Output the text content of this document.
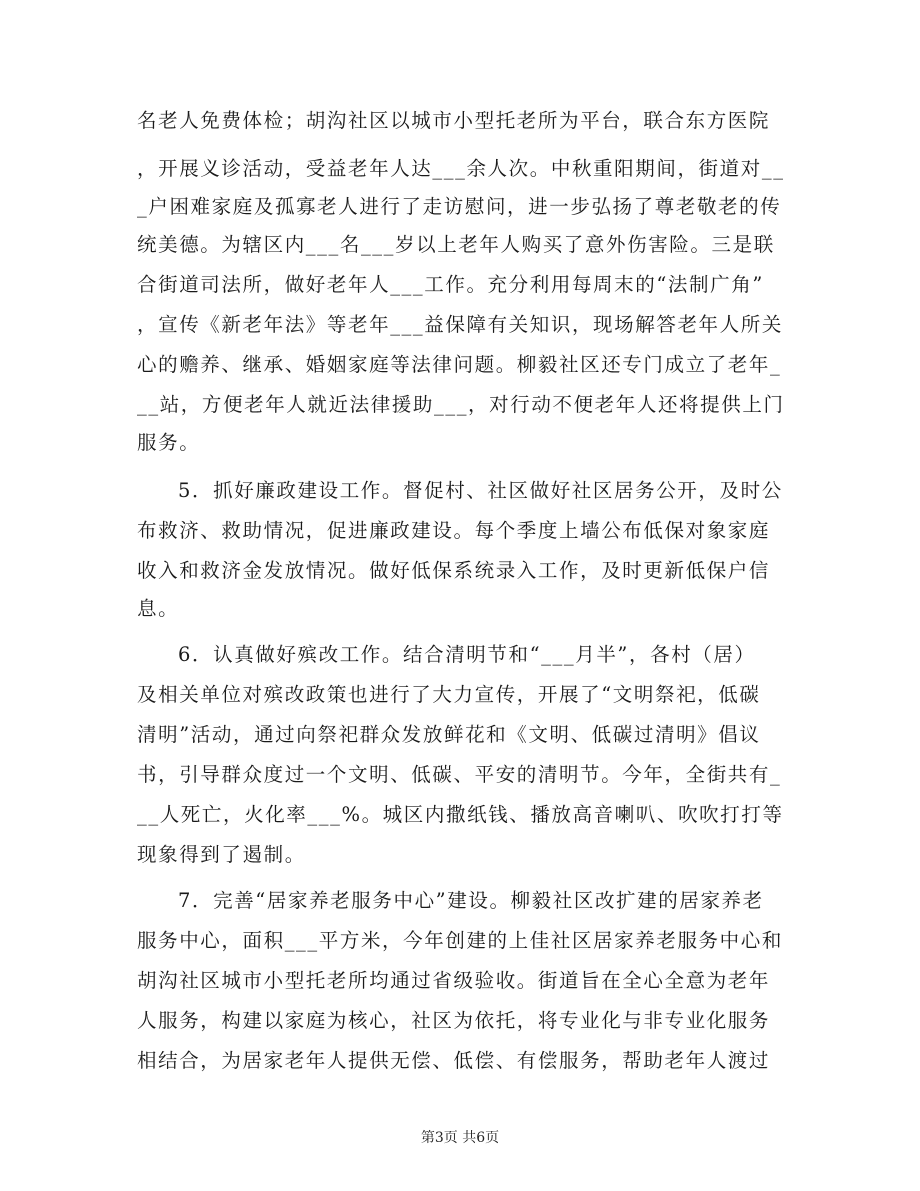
名老人免费体检；胡沟社区以城市小型托老所为平台，联合东方医院
，开展义诊活动，受益老年人达___余人次。中秋重阳期间，街道对__
_户困难家庭及孤寡老人进行了走访慰问，进一步弘扬了尊老敬老的传
统美德。为辖区内___名___岁以上老年人购买了意外伤害险。三是联
合街道司法所，做好老年人___工作。充分利用每周末的“法制广角”
，宣传《新老年法》等老年___益保障有关知识，现场解答老年人所关
心的赡养、继承、婚姻家庭等法律问题。柳毅社区还专门成立了老年_
__站，方便老年人就近法律援助___，对行动不便老年人还将提供上门
服务。
5．抓好廉政建设工作。督促村、社区做好社区居务公开，及时公
布救济、救助情况，促进廉政建设。每个季度上墙公布低保对象家庭
收入和救济金发放情况。做好低保系统录入工作，及时更新低保户信
息。
6．认真做好殡改工作。结合清明节和“___月半”，各村（居）
及相关单位对殡改政策也进行了大力宣传，开展了“文明祭祀，低碳
清明”活动，通过向祭祀群众发放鲜花和《文明、低碳过清明》倡议
书，引导群众度过一个文明、低碳、平安的清明节。今年，全街共有_
__人死亡，火化率___%。城区内撒纸钱、播放高音喇叭、吹吹打打等
现象得到了遏制。
7．完善“居家养老服务中心”建设。柳毅社区改扩建的居家养老
服务中心，面积___平方米，今年创建的上佳社区居家养老服务中心和
胡沟社区城市小型托老所均通过省级验收。街道旨在全心全意为老年
人服务，构建以家庭为核心，社区为依托，将专业化与非专业化服务
相结合，为居家老年人提供无偿、低偿、有偿服务，帮助老年人渡过
第3页 共6页
